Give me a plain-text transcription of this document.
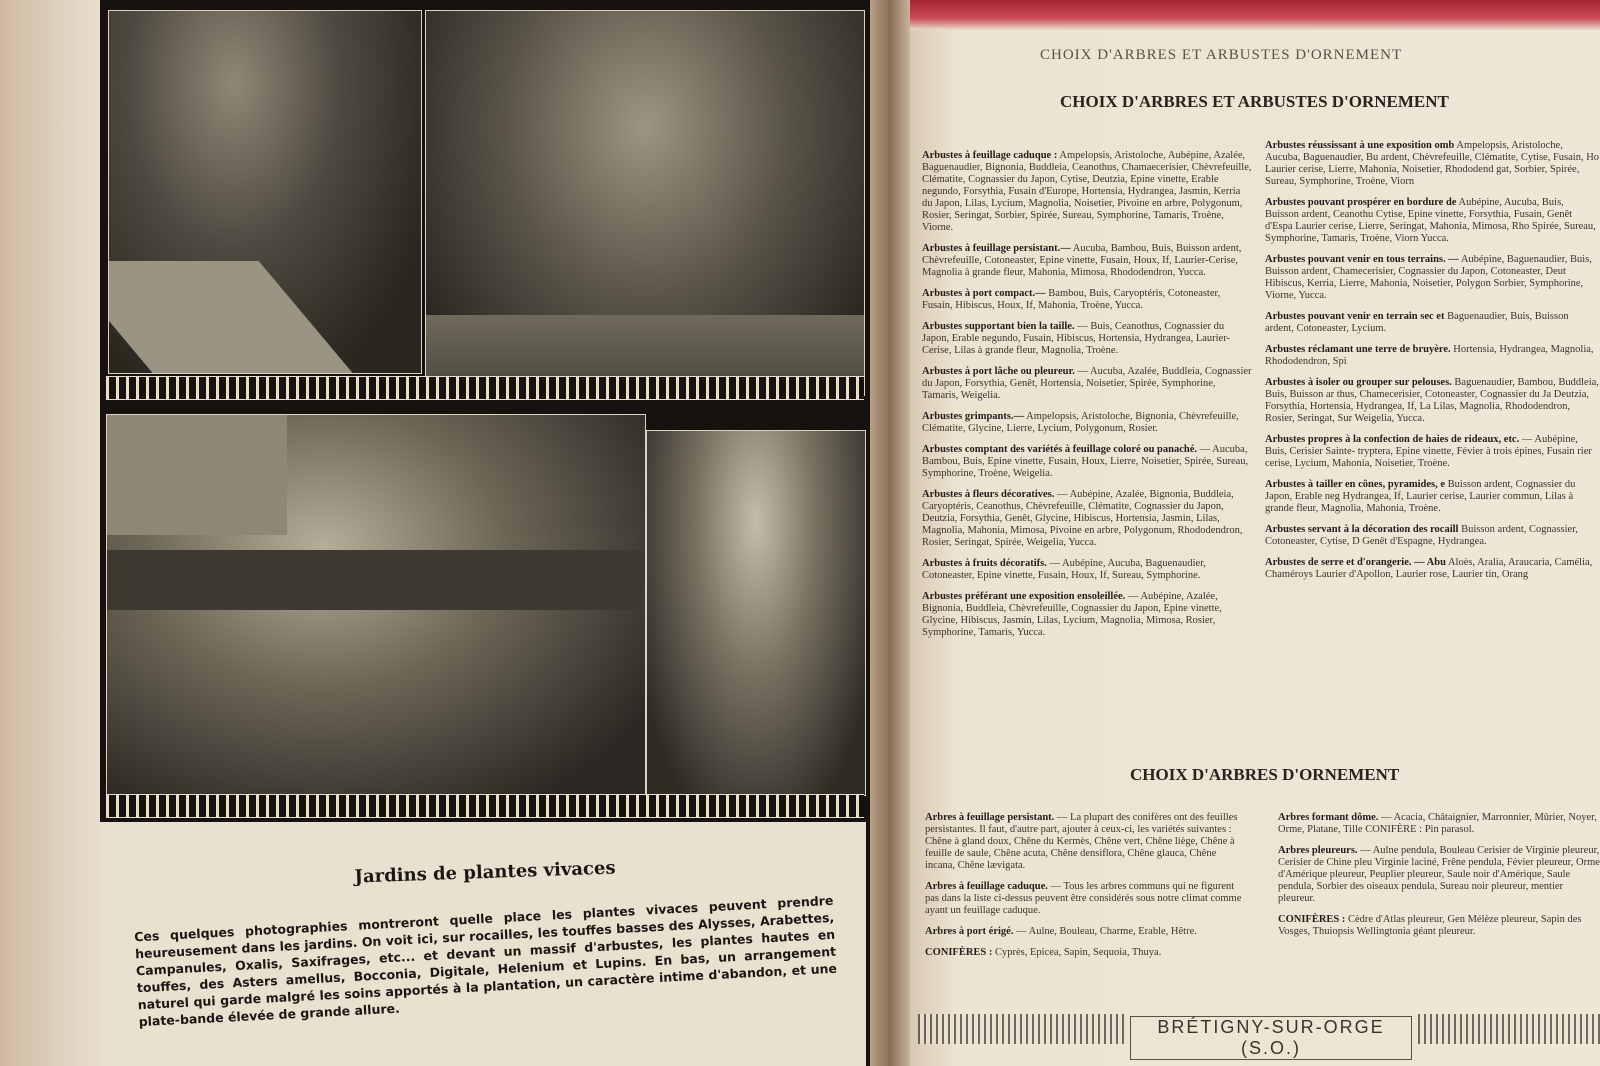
Jardins de plantes vivaces
Ces quelques photographies montreront quelle place les plantes vivaces peuvent prendre heureusement dans les jardins. On voit ici, sur rocailles, les touffes basses des Alysses, Arabettes, Campanules, Oxalis, Saxifrages, etc... et devant un massif d'arbustes, les plantes hautes en touffes, des Asters amellus, Bocconia, Digitale, Helenium et Lupins. En bas, un arrangement naturel qui garde malgré les soins apportés à la plantation, un caractère intime d'abandon, et une plate-bande élevée de grande allure.
CHOIX D'ARBRES ET ARBUSTES D'ORNEMENT
CHOIX D'ARBRES ET ARBUSTES D'ORNEMENT

Arbustes à feuillage caduque : Ampelopsis, Aristoloche, Aubépine, Azalée, Baguenaudier, Bignonia, Buddleia, Ceanothus, Chamaecerisier, Chèvrefeuille, Clématite, Cognassier du Japon, Cytise, Deutzia, Epine vinette, Erable negundo, Forsythia, Fusain d'Europe, Hortensia, Hydrangea, Jasmin, Kerria du Japon, Lilas, Lycium, Magnolia, Noisetier, Pivoine en arbre, Polygonum, Rosier, Seringat, Sorbier, Spirée, Sureau, Symphorine, Tamaris, Troène, Viorne.

Arbustes à feuillage persistant.— Aucuba, Bambou, Buis, Buisson ardent, Chèvrefeuille, Cotoneaster, Epine vinette, Fusain, Houx, If, Laurier-Cerise, Magnolia à grande fleur, Mahonia, Mimosa, Rhododendron, Yucca.

Arbustes à port compact.— Bambou, Buis, Caryoptéris, Cotoneaster, Fusain, Hibiscus, Houx, If, Mahonia, Troène, Yucca.

Arbustes supportant bien la taille. — Buis, Ceanothus, Cognassier du Japon, Erable negundo, Fusain, Hibiscus, Hortensia, Hydrangea, Laurier-Cerise, Lilas à grande fleur, Magnolia, Troène.

Arbustes à port lâche ou pleureur. — Aucuba, Azalée, Buddleia, Cognassier du Japon, Forsythia, Genêt, Hortensia, Noisetier, Spirée, Symphorine, Tamaris, Weigelia.

Arbustes grimpants.— Ampelopsis, Aristoloche, Bignonia, Chèvrefeuille, Clématite, Glycine, Lierre, Lycium, Polygonum, Rosier.

Arbustes comptant des variétés à feuillage coloré ou panaché. — Aucuba, Bambou, Buis, Epine vinette, Fusain, Houx, Lierre, Noisetier, Spirée, Sureau, Symphorine, Troène, Weigelia.

Arbustes à fleurs décoratives. — Aubépine, Azalée, Bignonia, Buddleia, Caryoptéris, Ceanothus, Chèvrefeuille, Clématite, Cognassier du Japon, Deutzia, Forsythia, Genêt, Glycine, Hibiscus, Hortensia, Jasmin, Lilas, Magnolia, Mahonia, Mimosa, Pivoine en arbre, Polygonum, Rhododendron, Rosier, Seringat, Spirée, Weigelia, Yucca.

Arbustes à fruits décoratifs. — Aubépine, Aucuba, Baguenaudier, Cotoneaster, Epine vinette, Fusain, Houx, If, Sureau, Symphorine.

Arbustes préférant une exposition ensoleillée. — Aubépine, Azalée, Bignonia, Buddleia, Chèvrefeuille, Cognassier du Japon, Epine vinette, Glycine, Hibiscus, Jasmin, Lilas, Lycium, Magnolia, Mimosa, Rosier, Symphorine, Tamaris, Yucca.

Arbustes réussissant à une exposition omb Ampelopsis, Aristoloche, Aucuba, Baguenaudier, Bu ardent, Chèvrefeuille, Clématite, Cytise, Fusain, Ho Laurier cerise, Lierre, Mahonia, Noisetier, Rhododend gat, Sorbier, Spirée, Sureau, Symphorine, Troène, Viorn

Arbustes pouvant prospérer en bordure de Aubépine, Aucuba, Buis, Buisson ardent, Ceanothu Cytise, Epine vinette, Forsythia, Fusain, Genêt d'Espa Laurier cerise, Lierre, Seringat, Mahonia, Mimosa, Rho Spirée, Sureau, Symphorine, Tamaris, Troène, Viorn Yucca.

Arbustes pouvant venir en tous terrains. — Aubépine, Baguenaudier, Buis, Buisson ardent, Chamecerisier, Cognassier du Japon, Cotoneaster, Deut Hibiscus, Kerria, Lierre, Mahonia, Noisetier, Polygon Sorbier, Symphorine, Viorne, Yucca.

Arbustes pouvant venir en terrain sec et Baguenaudier, Buis, Buisson ardent, Cotoneaster, Lycium.

Arbustes réclamant une terre de bruyère. Hortensia, Hydrangea, Magnolia, Rhododendron, Spi

Arbustes à isoler ou grouper sur pelouses. Baguenaudier, Bambou, Buddleia, Buis, Buisson ar thus, Chamecerisier, Cotoneaster, Cognassier du Ja Deutzia, Forsythia, Hortensia, Hydrangea, If, La Lilas, Magnolia, Rhododendron, Rosier, Seringat, Sur Weigelia, Yucca.

Arbustes propres à la confection de haies de rideaux, etc. — Aubépine, Buis, Cerisier Sainte- tryptera, Epine vinette, Févier à trois épines, Fusain rier cerise, Lycium, Mahonia, Noisetier, Troène.

Arbustes à tailler en cônes, pyramides, e Buisson ardent, Cognassier du Japon, Erable neg Hydrangea, If, Laurier cerise, Laurier commun, Lilas à grande fleur, Magnolia, Mahonia, Troène.

Arbustes servant à la décoration des rocaill Buisson ardent, Cognassier, Cotoneaster, Cytise, D Genêt d'Espagne, Hydrangea.

Arbustes de serre et d'orangerie. — Abu Aloès, Aralia, Araucaria, Camélia, Chaméroys Laurier d'Apollon, Laurier rose, Laurier tin, Orang

CHOIX D'ARBRES D'ORNEMENT

Arbres à feuillage persistant. — La plupart des conifères ont des feuilles persistantes. Il faut, d'autre part, ajouter à ceux-ci, les variétés suivantes : Chêne à gland doux, Chêne du Kermès, Chêne vert, Chêne liège, Chêne à feuille de saule, Chêne acuta, Chêne densiflora, Chêne glauca, Chêne incana, Chêne lævigata.

Arbres à feuillage caduque. — Tous les arbres communs qui ne figurent pas dans la liste ci-dessus peuvent être considérés sous notre climat comme ayant un feuillage caduque.

Arbres à port érigé. — Aulne, Bouleau, Charme, Erable, Hêtre.

CONIFÈRES : Cyprès, Epicea, Sapin, Sequoia, Thuya.

Arbres formant dôme. — Acacia, Châtaignier, Marronnier, Mûrier, Noyer, Orme, Platane, Tille CONIFÈRE : Pin parasol.

Arbres pleureurs. — Aulne pendula, Bouleau Cerisier de Virginie pleureur, Cerisier de Chine pleu Virginie laciné, Frêne pendula, Févier pleureur, Orme d'Amérique pleureur, Peuplier pleureur, Saule noir d'Amérique, Saule pendula, Sorbier des oiseaux pendula, Sureau noir pleureur, mentier pleureur.

CONIFÈRES : Cèdre d'Atlas pleureur, Gen Mélèze pleureur, Sapin des Vosges, Thuiopsis Wellingtonia géant pleureur.

BRÉTIGNY-SUR-ORGE (S.O.)
